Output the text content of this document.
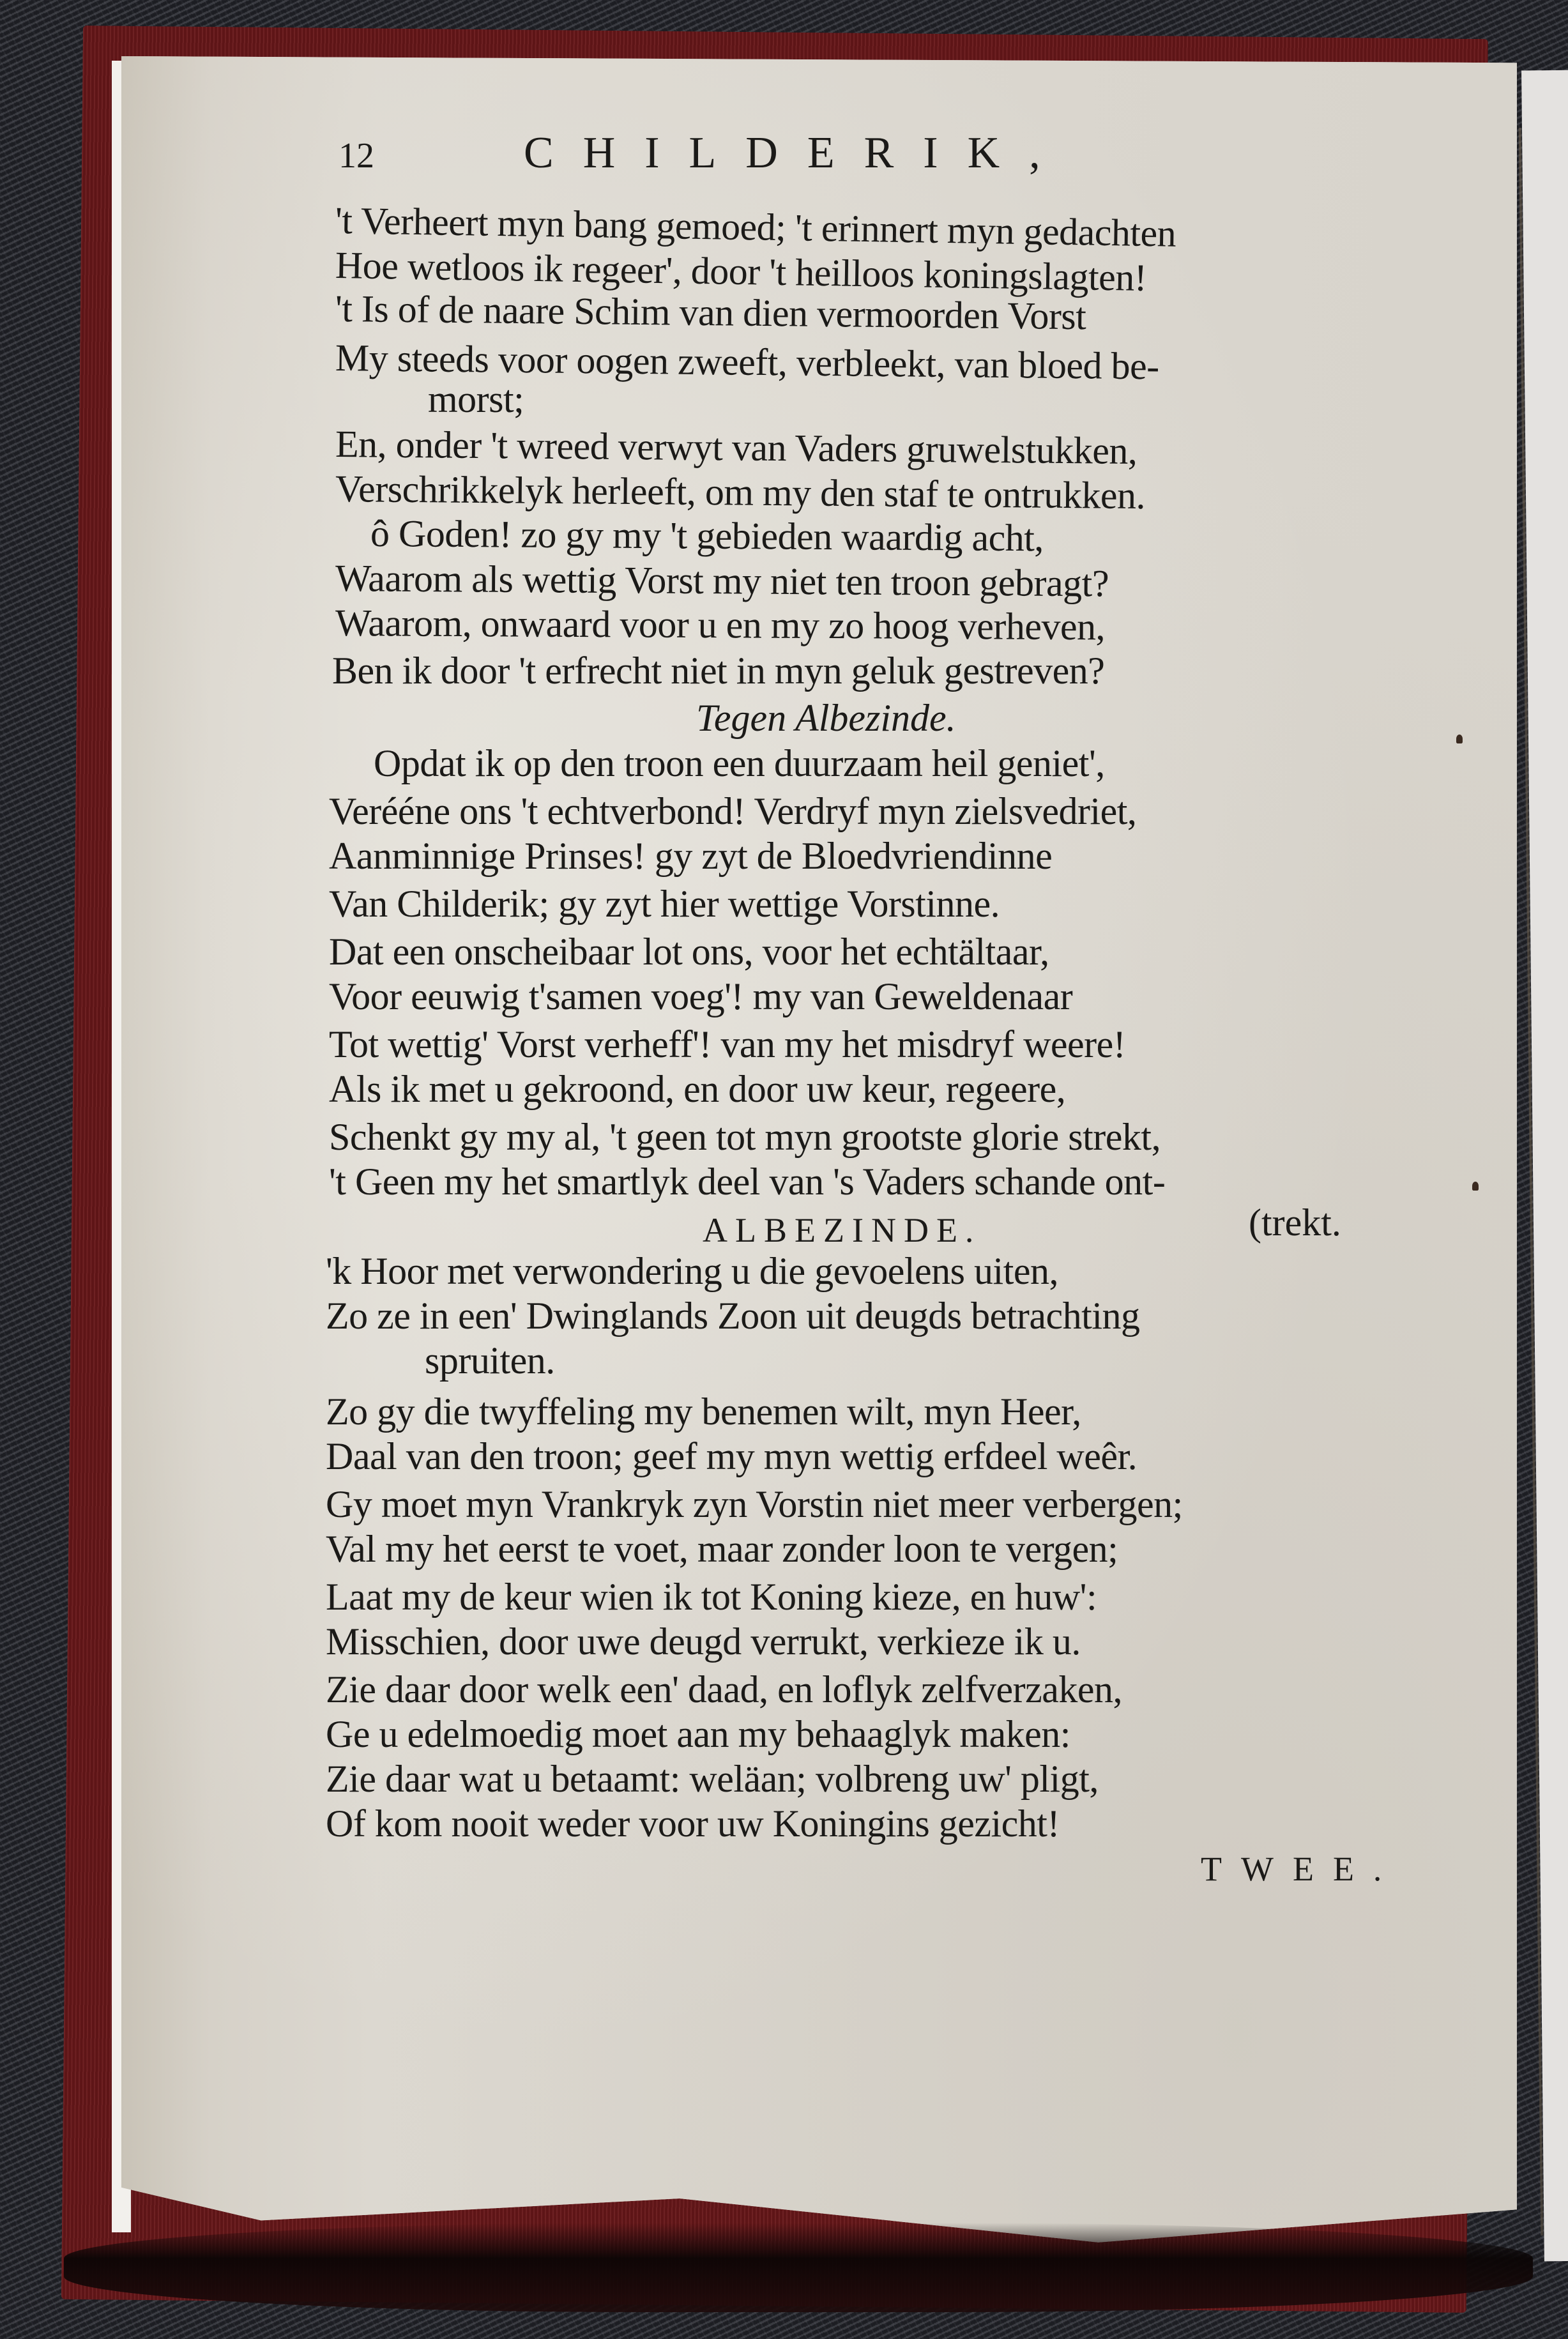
12	CHILDERIK,
't Verheert myn bang gemoed; 't erinnert myn gedachten
Hoe wetloos ik regeer', door 't heilloos koningslagten!
't Is of de naare Schim van dien vermoorden Vorst
My steeds voor oogen zweeft, verbleekt, van bloed be-
morst;
En, onder 't wreed verwyt van Vaders gruwelstukken,
Verschrikkelyk herleeft, om my den staf te ontrukken.
ô Goden! zo gy my 't gebieden waardig acht,
Waarom als wettig Vorst my niet ten troon gebragt?
Waarom, onwaard voor u en my zo hoog verheven,
Ben ik door 't erfrecht niet in myn geluk gestreven?
Tegen Albezinde.
Opdat ik op den troon een duurzaam heil geniet',
Verééne ons 't echtverbond! Verdryf myn zielsvedriet,
Aanminnige Prinses! gy zyt de Bloedvriendinne
Van Childerik; gy zyt hier wettige Vorstinne.
Dat een onscheibaar lot ons, voor het echtältaar,
Voor eeuwig t'samen voeg'! my van Geweldenaar
Tot wettig' Vorst verheff'! van my het misdryf weere!
Als ik met u gekroond, en door uw keur, regeere,
Schenkt gy my al, 't geen tot myn grootste glorie strekt,
't Geen my het smartlyk deel van 's Vaders schande ont-
ALBEZINDE.	(trekt.
'k Hoor met verwondering u die gevoelens uiten,
Zo ze in een' Dwinglands Zoon uit deugds betrachting
spruiten.
Zo gy die twyffeling my benemen wilt, myn Heer,
Daal van den troon; geef my myn wettig erfdeel weêr.
Gy moet myn Vrankryk zyn Vorstin niet meer verbergen;
Val my het eerst te voet, maar zonder loon te vergen;
Laat my de keur wien ik tot Koning kieze, en huw':
Misschien, door uwe deugd verrukt, verkieze ik u.
Zie daar door welk een' daad, en loflyk zelfverzaken,
Ge u edelmoedig moet aan my behaaglyk maken:
Zie daar wat u betaamt: weläan; volbreng uw' pligt,
Of kom nooit weder voor uw Koningins gezicht!
TWEE.
